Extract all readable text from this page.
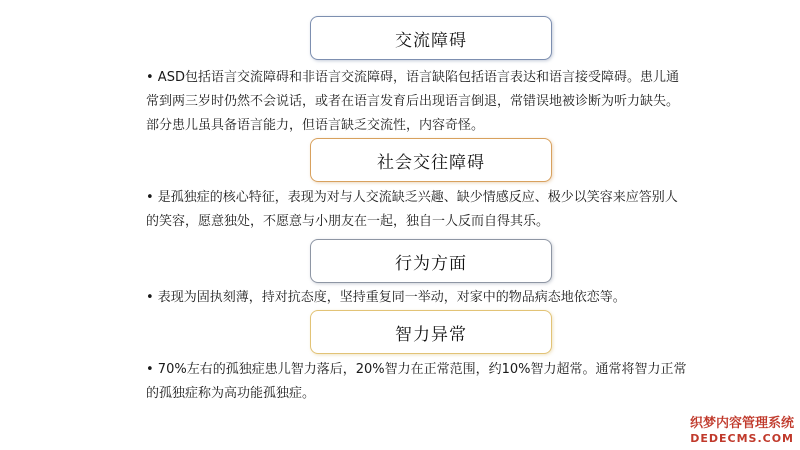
交流障碍
• ASD包括语言交流障碍和非语言交流障碍，语言缺陷包括语言表达和语言接受障碍。患儿通
常到两三岁时仍然不会说话，或者在语言发育后出现语言倒退，常错误地被诊断为听力缺失。
部分患儿虽具备语言能力，但语言缺乏交流性，内容奇怪。
社会交往障碍
• 是孤独症的核心特征，表现为对与人交流缺乏兴趣、缺少情感反应、极少以笑容来应答别人
的笑容，愿意独处，不愿意与小朋友在一起，独自一人反而自得其乐。
行为方面
• 表现为固执刻薄，持对抗态度，坚持重复同一举动，对家中的物品病态地依恋等。
智力异常
• 70%左右的孤独症患儿智力落后，20%智力在正常范围，约10%智力超常。通常将智力正常
的孤独症称为高功能孤独症。
织梦内容管理系统
DEDECMS.COM
